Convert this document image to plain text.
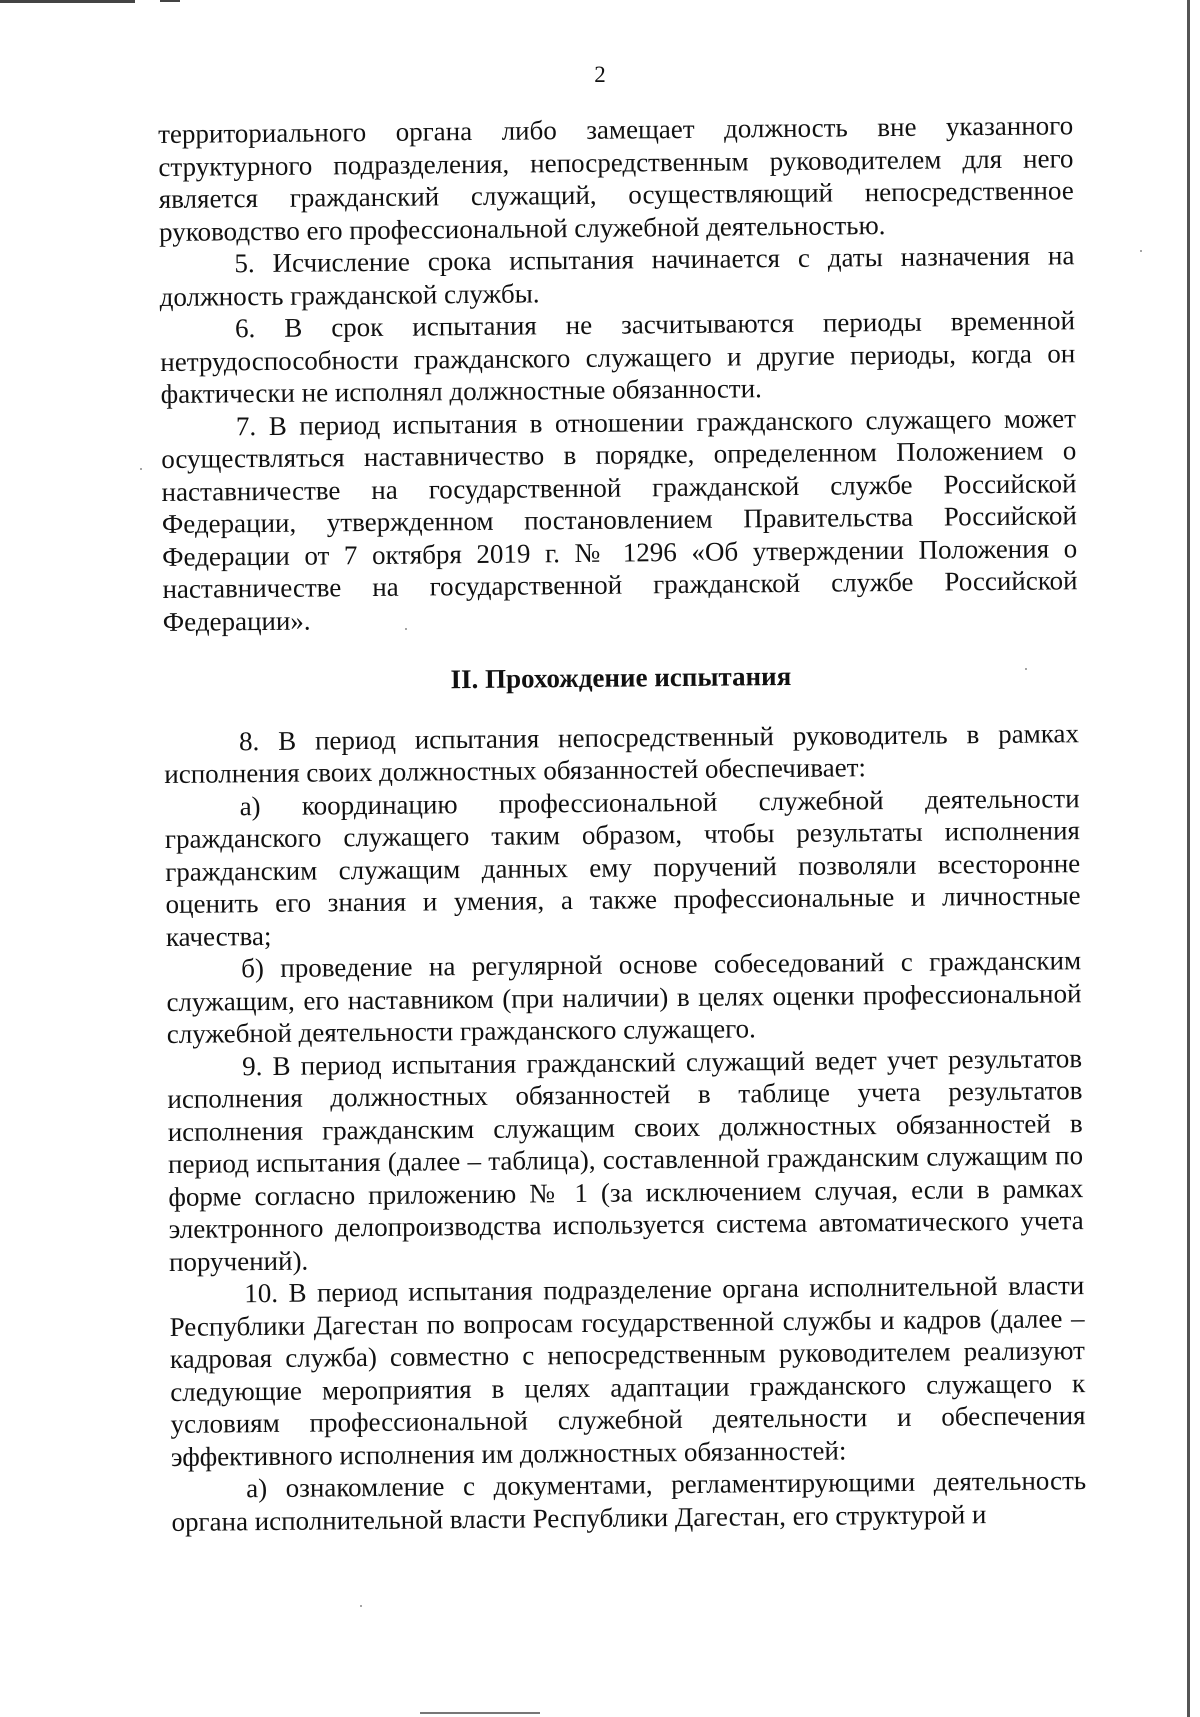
2

территориального органа либо замещает должность вне указанного структурного подразделения, непосредственным руководителем для него является гражданский служащий, осуществляющий непосредственное руководство его профессиональной служебной деятельностью.

5. Исчисление срока испытания начинается с даты назначения на должность гражданской службы.

6. В срок испытания не засчитываются периоды временной нетрудоспособности гражданского служащего и другие периоды, когда он фактически не исполнял должностные обязанности.

7. В период испытания в отношении гражданского служащего может осуществляться наставничество в порядке, определенном Положением о наставничестве на государственной гражданской службе Российской Федерации, утвержденном постановлением Правительства Российской Федерации от 7 октября 2019 г. № 1296 «Об утверждении Положения о наставничестве на государственной гражданской службе Российской Федерации».

II. Прохождение испытания

8. В период испытания непосредственный руководитель в рамках исполнения своих должностных обязанностей обеспечивает:

а) координацию профессиональной служебной деятельности гражданского служащего таким образом, чтобы результаты исполнения гражданским служащим данных ему поручений позволяли всесторонне оценить его знания и умения, а также профессиональные и личностные качества;

б) проведение на регулярной основе собеседований с гражданским служащим, его наставником (при наличии) в целях оценки профессиональной служебной деятельности гражданского служащего.

9. В период испытания гражданский служащий ведет учет результатов исполнения должностных обязанностей в таблице учета результатов исполнения гражданским служащим своих должностных обязанностей в период испытания (далее – таблица), составленной гражданским служащим по форме согласно приложению № 1 (за исключением случая, если в рамках электронного делопроизводства используется система автоматического учета поручений).

10. В период испытания подразделение органа исполнительной власти Республики Дагестан по вопросам государственной службы и кадров (далее – кадровая служба) совместно с непосредственным руководителем реализуют следующие мероприятия в целях адаптации гражданского служащего к условиям профессиональной служебной деятельности и обеспечения эффективного исполнения им должностных обязанностей:

а) ознакомление с документами, регламентирующими деятельность органа исполнительной власти Республики Дагестан, его структурой и
